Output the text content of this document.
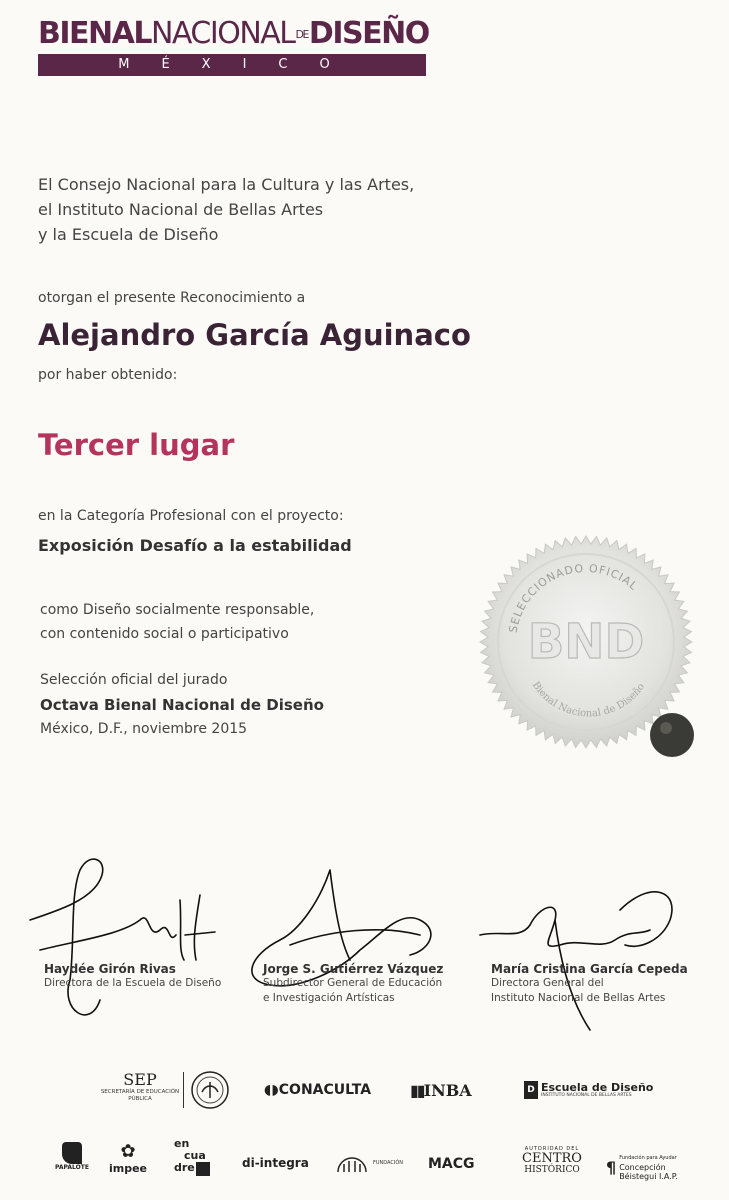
BIENALNACIONALDEDISEÑO
MÉXICO
El Consejo Nacional para la Cultura y las Artes,
el Instituto Nacional de Bellas Artes
y la Escuela de Diseño
otorgan el presente Reconocimiento a
Alejandro García Aguinaco
por haber obtenido:
Tercer lugar
en la Categoría Profesional con el proyecto:
Exposición Desafío a la estabilidad
como Diseño socialmente responsable,
con contenido social o participativo
Selección oficial del jurado
Octava Bienal Nacional de Diseño
México, D.F., noviembre 2015
SELECCIONADO OFICIAL
BND
Bienal Nacional de Diseño
Haydée Girón Rivas
Directora de la Escuela de Diseño
Jorge S. Gutiérrez Vázquez
Subdirector General de Educación
e Investigación Artísticas
María Cristina García Cepeda
Directora General del
Instituto Nacional de Bellas Artes
SEP
SECRETARÍA DE EDUCACIÓN PÚBLICA
◖◗CONACULTA ▮▮INBA	D Escuela de Diseño
INSTITUTO NACIONAL DE BELLAS ARTES
PAPALOTE
✿
impee
en
cua
dre	di-integra	FUNDACIÓN MACG
AUTORIDAD DEL
CENTRO
HISTÓRICO ¶ Fundación para Ayudar
Concepción
Béistegui I.A.P.
